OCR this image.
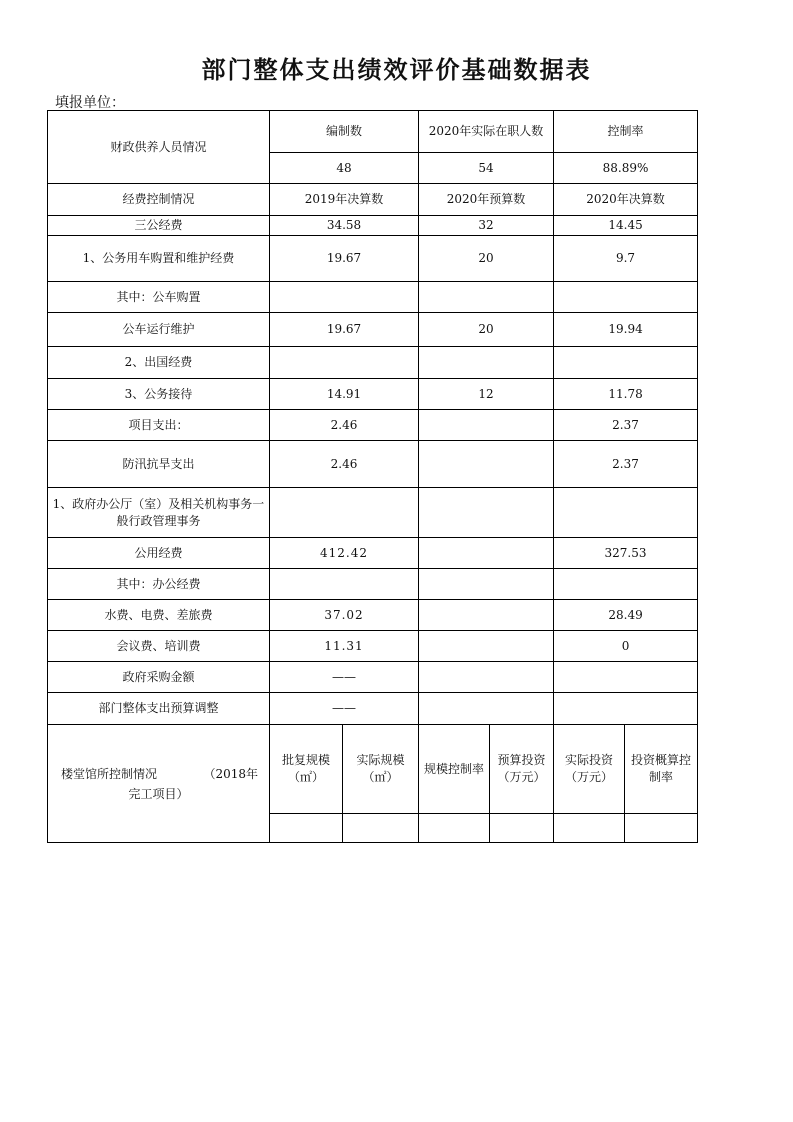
部门整体支出绩效评价基础数据表
填报单位：
财政供养人员情况	编制数		2020年实际在职人数		控制率	
	48		54		88.89%	
经费控制情况	2019年决算数		2020年预算数		2020年决算数	
三公经费	34.58		32		14.45	
1、公务用车购置和维护经费	19.67		20		9.7	
其中：公车购置						
公车运行维护	19.67		20		19.94	
2、出国经费						
3、公务接待	14.91		12		11.78	
项目支出：	2.46				2.37	
防汛抗旱支出	2.46				2.37	
1、政府办公厅（室）及相关机构事务一般行政管理事务						
公用经费	412.42				327.53	
其中：办公经费						
水费、电费、差旅费	37.02				28.49	
会议费、培训费	11.31				0	
政府采购金额	——					
部门整体支出预算调整	——					

楼堂馆所控制情况 （2018年
完工项目）	批复规模（㎡）	实际规模（㎡）	规模控制率	预算投资（万元）	实际投资（万元）	投资概算控制率
